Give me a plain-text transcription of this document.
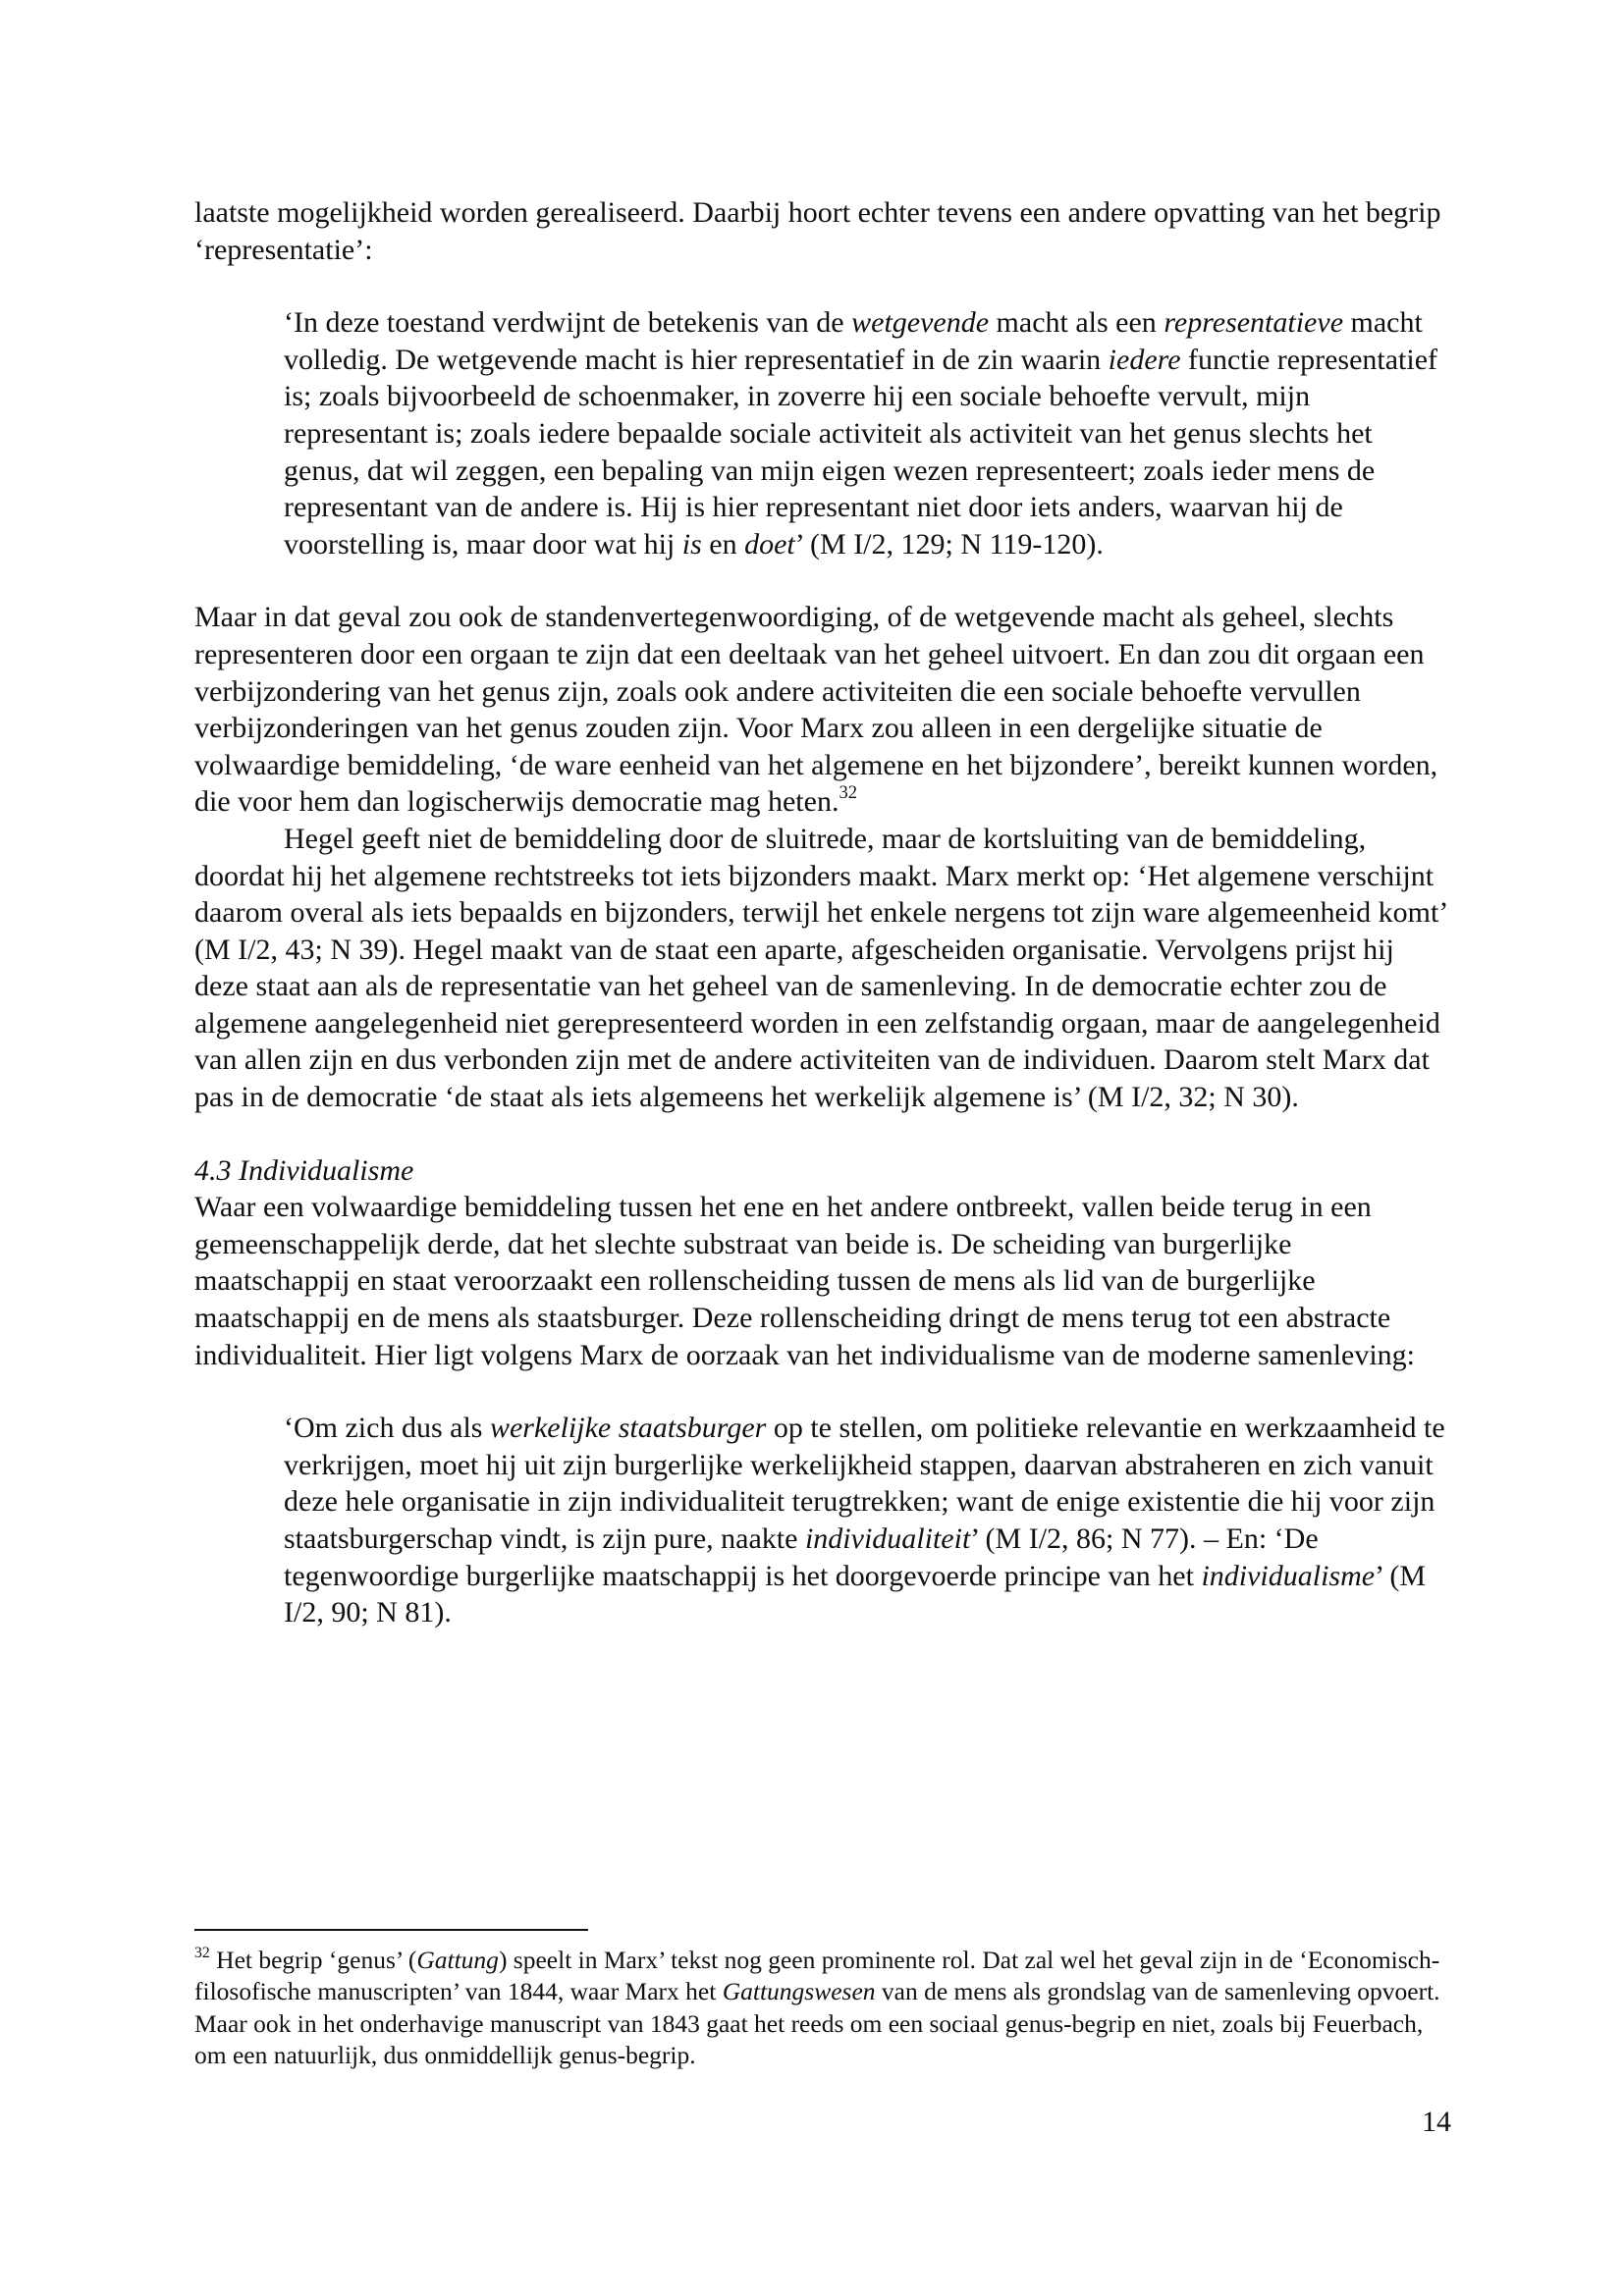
laatste mogelijkheid worden gerealiseerd. Daarbij hoort echter tevens een andere opvatting van het begrip ‘representatie’:

‘In deze toestand verdwijnt de betekenis van de wetgevende macht als een representatieve macht volledig. De wetgevende macht is hier representatief in de zin waarin iedere functie representatief is; zoals bijvoorbeeld de schoenmaker, in zoverre hij een sociale behoefte vervult, mijn representant is; zoals iedere bepaalde sociale activiteit als activiteit van het genus slechts het genus, dat wil zeggen, een bepaling van mijn eigen wezen representeert; zoals ieder mens de representant van de andere is. Hij is hier representant niet door iets anders, waarvan hij de voorstelling is, maar door wat hij is en doet’ (M I/2, 129; N 119-120).

Maar in dat geval zou ook de standenvertegenwoordiging, of de wetgevende macht als geheel, slechts representeren door een orgaan te zijn dat een deeltaak van het geheel uitvoert. En dan zou dit orgaan een verbijzondering van het genus zijn, zoals ook andere activiteiten die een sociale behoefte vervullen verbijzonderingen van het genus zouden zijn. Voor Marx zou alleen in een dergelijke situatie de volwaardige bemiddeling, ‘de ware eenheid van het algemene en het bijzondere’, bereikt kunnen worden, die voor hem dan logischerwijs democratie mag heten.$^{32}$

Hegel geeft niet de bemiddeling door de sluitrede, maar de kortsluiting van de bemiddeling, doordat hij het algemene rechtstreeks tot iets bijzonders maakt. Marx merkt op: ‘Het algemene verschijnt daarom overal als iets bepaalds en bijzonders, terwijl het enkele nergens tot zijn ware algemeenheid komt’ (M I/2, 43; N 39). Hegel maakt van de staat een aparte, afgescheiden organisatie. Vervolgens prijst hij deze staat aan als de representatie van het geheel van de samenleving. In de democratie echter zou de algemene aangelegenheid niet gerepresenteerd worden in een zelfstandig orgaan, maar de aangelegenheid van allen zijn en dus verbonden zijn met de andere activiteiten van de individuen. Daarom stelt Marx dat pas in de democratie ‘de staat als iets algemeens het werkelijk algemene is’ (M I/2, 32; N 30).

4.3 Individualisme

Waar een volwaardige bemiddeling tussen het ene en het andere ontbreekt, vallen beide terug in een gemeenschappelijk derde, dat het slechte substraat van beide is. De scheiding van burgerlijke maatschappij en staat veroorzaakt een rollenscheiding tussen de mens als lid van de burgerlijke maatschappij en de mens als staatsburger. Deze rollenscheiding dringt de mens terug tot een abstracte individualiteit. Hier ligt volgens Marx de oorzaak van het individualisme van de moderne samenleving:

‘Om zich dus als werkelijke staatsburger op te stellen, om politieke relevantie en werkzaamheid te verkrijgen, moet hij uit zijn burgerlijke werkelijkheid stappen, daarvan abstraheren en zich vanuit deze hele organisatie in zijn individualiteit terugtrekken; want de enige existentie die hij voor zijn staatsburgerschap vindt, is zijn pure, naakte individualiteit’ (M I/2, 86; N 77). – En: ‘De tegenwoordige burgerlijke maatschappij is het doorgevoerde principe van het individualisme’ (M I/2, 90; N 81).

$^{32}$ Het begrip ‘genus’ (Gattung) speelt in Marx’ tekst nog geen prominente rol. Dat zal wel het geval zijn in de ‘Economisch-filosofische manuscripten’ van 1844, waar Marx het Gattungswesen van de mens als grondslag van de samenleving opvoert. Maar ook in het onderhavige manuscript van 1843 gaat het reeds om een sociaal genus-begrip en niet, zoals bij Feuerbach, om een natuurlijk, dus onmiddellijk genus-begrip.

14
